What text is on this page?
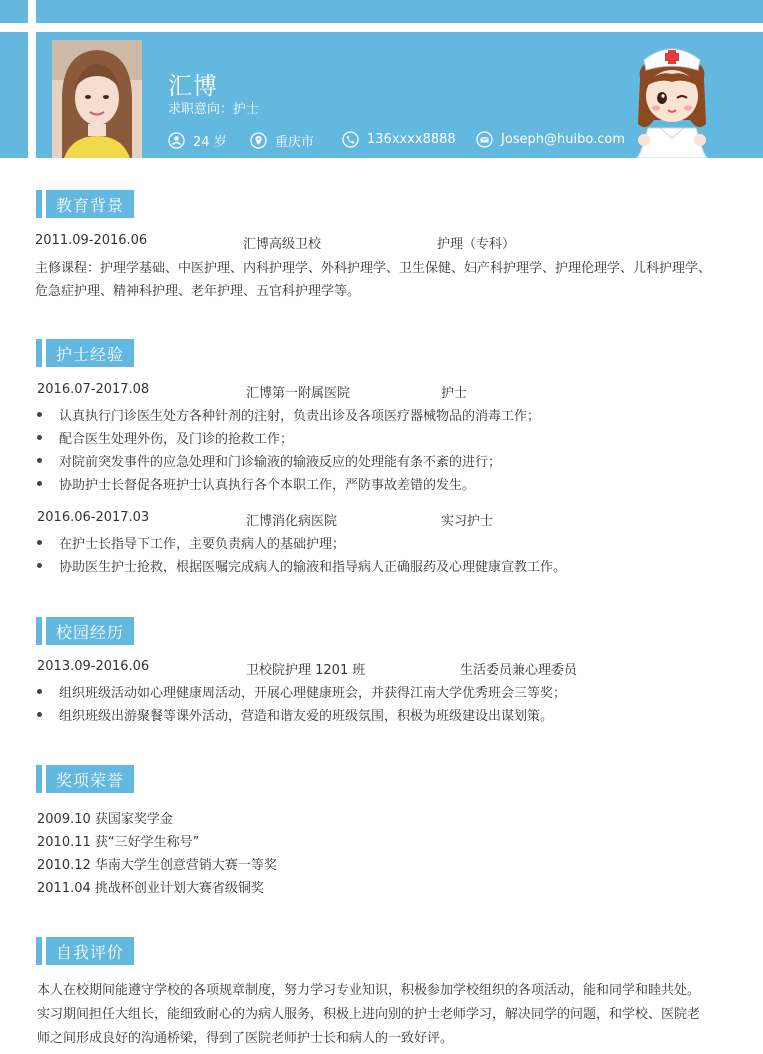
汇博
求职意向：护士
24 岁	重庆市	136xxxx8888	Joseph@huibo.com
教育背景
2011.09-2016.06	汇博高级卫校	护理（专科）
主修课程：护理学基础、中医护理、内科护理学、外科护理学、卫生保健、妇产科护理学、护理伦理学、儿科护理学、
危急症护理、精神科护理、老年护理、五官科护理学等。
护士经验
2016.07-2017.08	汇博第一附属医院	护士
认真执行门诊医生处方各种针剂的注射，负责出诊及各项医疗器械物品的消毒工作；
配合医生处理外伤，及门诊的抢救工作；
对院前突发事件的应急处理和门诊输液的输液反应的处理能有条不紊的进行；
协助护士长督促各班护士认真执行各个本职工作，严防事故差错的发生。
2016.06-2017.03	汇博消化病医院	实习护士
在护士长指导下工作，主要负责病人的基础护理；
协助医生护士抢救，根据医嘱完成病人的输液和指导病人正确服药及心理健康宣教工作。
校园经历
2013.09-2016.06	卫校院护理 1201 班	生活委员兼心理委员
组织班级活动如心理健康周活动，开展心理健康班会，并获得江南大学优秀班会三等奖；
组织班级出游聚餐等课外活动，营造和谐友爱的班级氛围，积极为班级建设出谋划策。
奖项荣誉
2009.10 获国家奖学金
2010.11 获“三好学生称号”
2010.12 华南大学生创意营销大赛一等奖
2011.04 挑战杯创业计划大赛省级铜奖
自我评价
本人在校期间能遵守学校的各项规章制度，努力学习专业知识，积极参加学校组织的各项活动，能和同学和睦共处。
实习期间担任大组长，能细致耐心的为病人服务，积极上进向别的护士老师学习，解决同学的问题，和学校、医院老
师之间形成良好的沟通桥梁，得到了医院老师护士长和病人的一致好评。
